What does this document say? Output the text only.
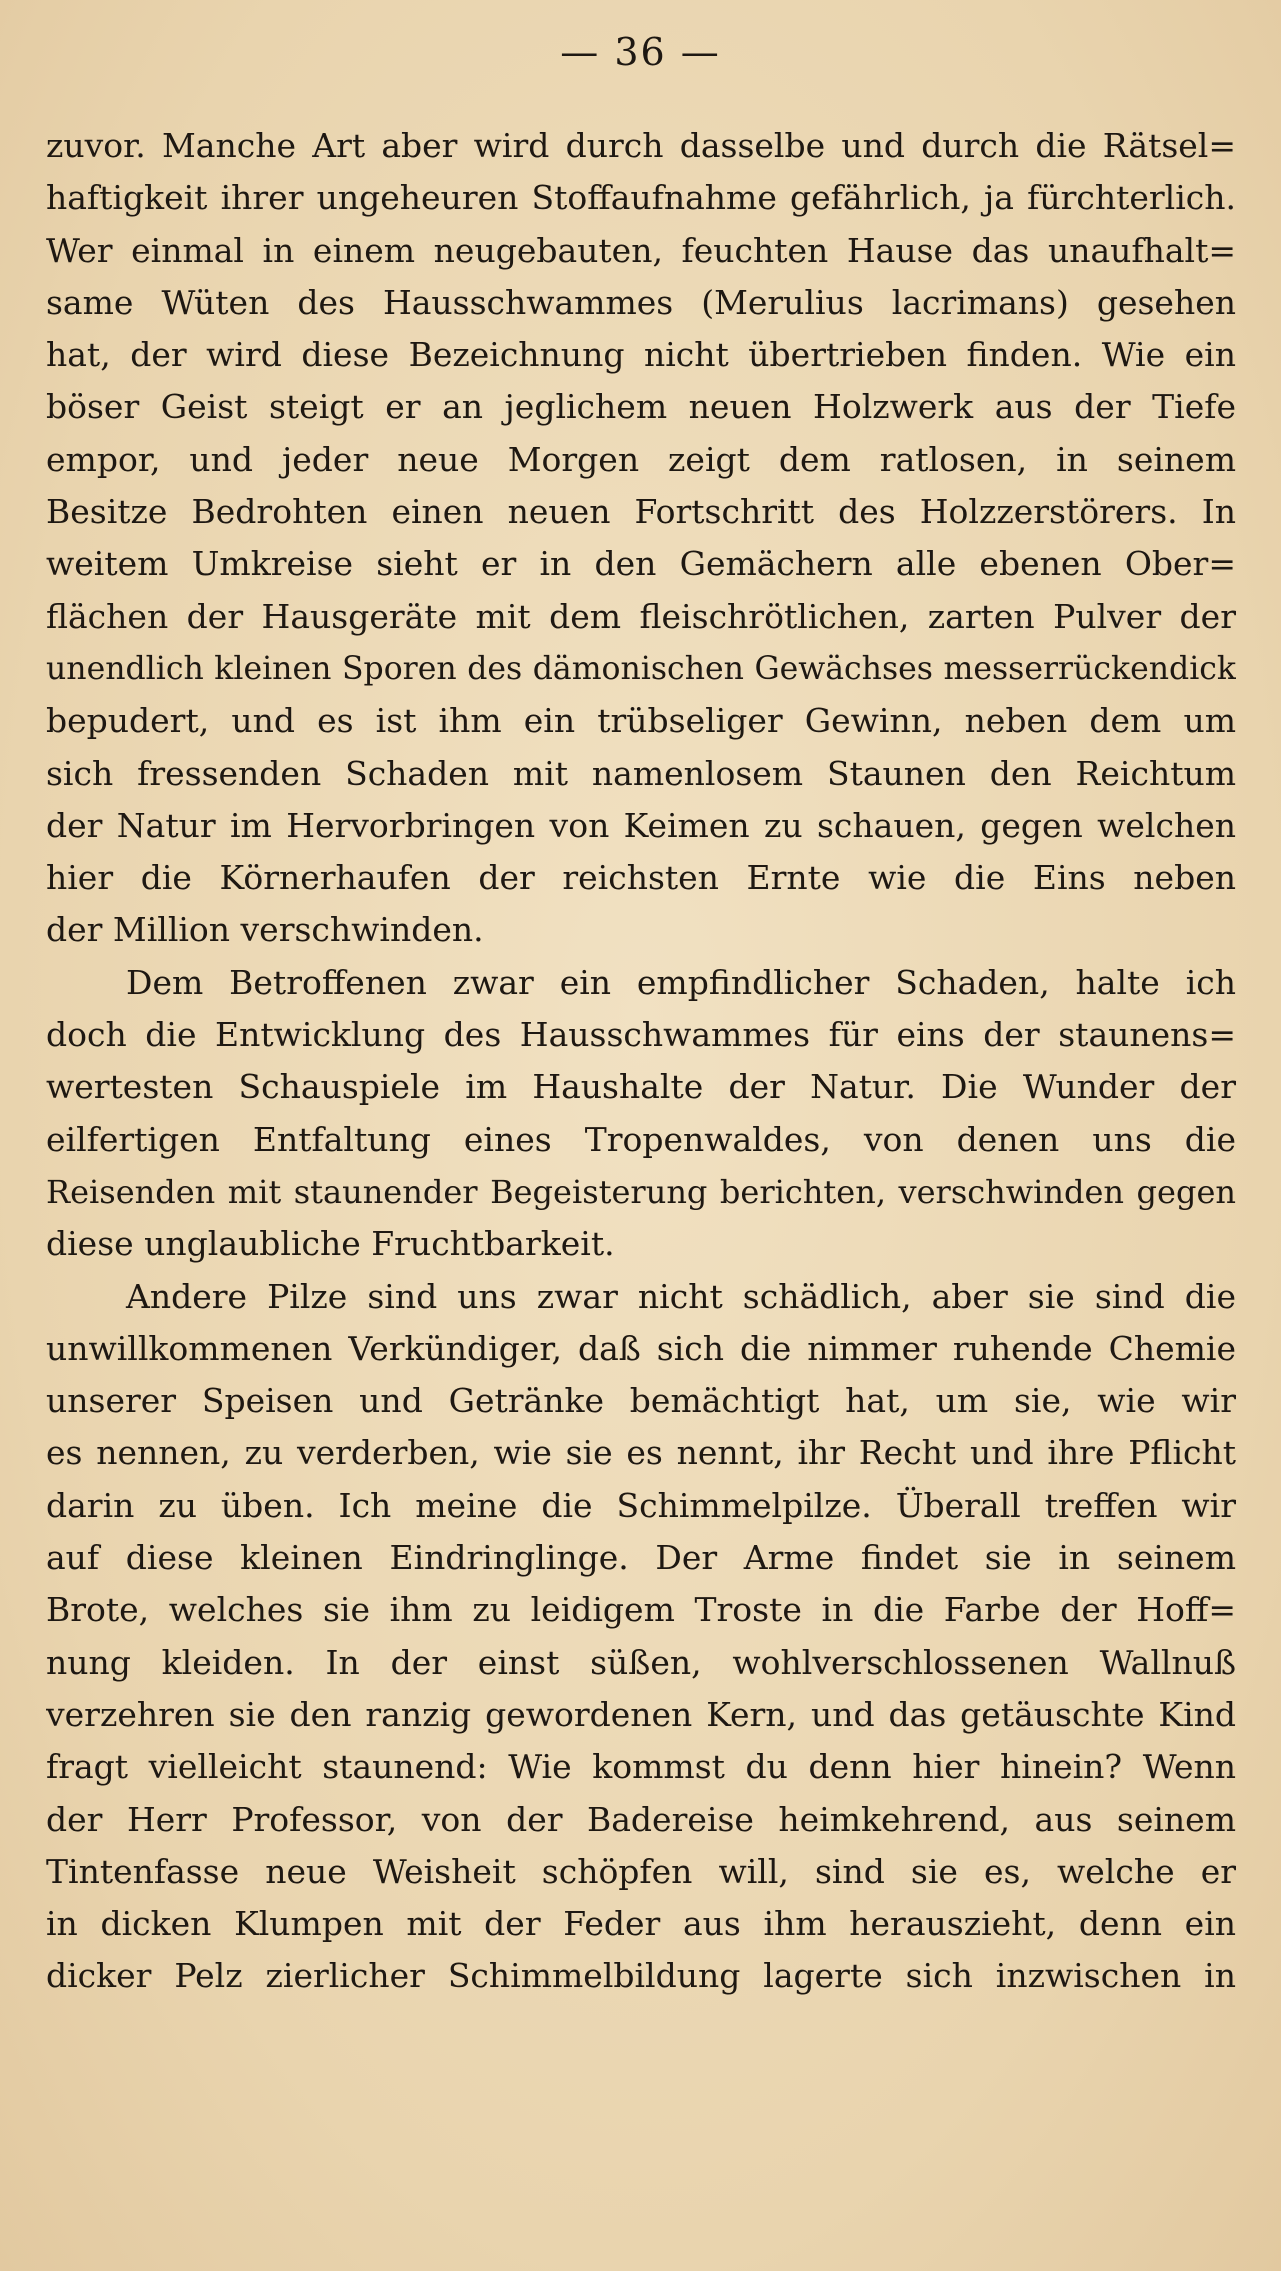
— 36 —
zuvor. Manche Art aber wird durch dasselbe und durch die Rätsel=
haftigkeit ihrer ungeheuren Stoffaufnahme gefährlich, ja fürchterlich.
Wer einmal in einem neugebauten, feuchten Hause das unaufhalt=
same Wüten des Hausschwammes (Merulius lacrimans) gesehen
hat, der wird diese Bezeichnung nicht übertrieben finden. Wie ein
böser Geist steigt er an jeglichem neuen Holzwerk aus der Tiefe
empor, und jeder neue Morgen zeigt dem ratlosen, in seinem
Besitze Bedrohten einen neuen Fortschritt des Holzzerstörers. In
weitem Umkreise sieht er in den Gemächern alle ebenen Ober=
flächen der Hausgeräte mit dem fleischrötlichen, zarten Pulver der
unendlich kleinen Sporen des dämonischen Gewächses messerrückendick
bepudert, und es ist ihm ein trübseliger Gewinn, neben dem um
sich fressenden Schaden mit namenlosem Staunen den Reichtum
der Natur im Hervorbringen von Keimen zu schauen, gegen welchen
hier die Körnerhaufen der reichsten Ernte wie die Eins neben
der Million verschwinden.
Dem Betroffenen zwar ein empfindlicher Schaden, halte ich
doch die Entwicklung des Hausschwammes für eins der staunens=
wertesten Schauspiele im Haushalte der Natur. Die Wunder der
eilfertigen Entfaltung eines Tropenwaldes, von denen uns die
Reisenden mit staunender Begeisterung berichten, verschwinden gegen
diese unglaubliche Fruchtbarkeit.
Andere Pilze sind uns zwar nicht schädlich, aber sie sind die
unwillkommenen Verkündiger, daß sich die nimmer ruhende Chemie
unserer Speisen und Getränke bemächtigt hat, um sie, wie wir
es nennen, zu verderben, wie sie es nennt, ihr Recht und ihre Pflicht
darin zu üben. Ich meine die Schimmelpilze. Überall treffen wir
auf diese kleinen Eindringlinge. Der Arme findet sie in seinem
Brote, welches sie ihm zu leidigem Troste in die Farbe der Hoff=
nung kleiden. In der einst süßen, wohlverschlossenen Wallnuß
verzehren sie den ranzig gewordenen Kern, und das getäuschte Kind
fragt vielleicht staunend: Wie kommst du denn hier hinein? Wenn
der Herr Professor, von der Badereise heimkehrend, aus seinem
Tintenfasse neue Weisheit schöpfen will, sind sie es, welche er
in dicken Klumpen mit der Feder aus ihm herauszieht, denn ein
dicker Pelz zierlicher Schimmelbildung lagerte sich inzwischen in
